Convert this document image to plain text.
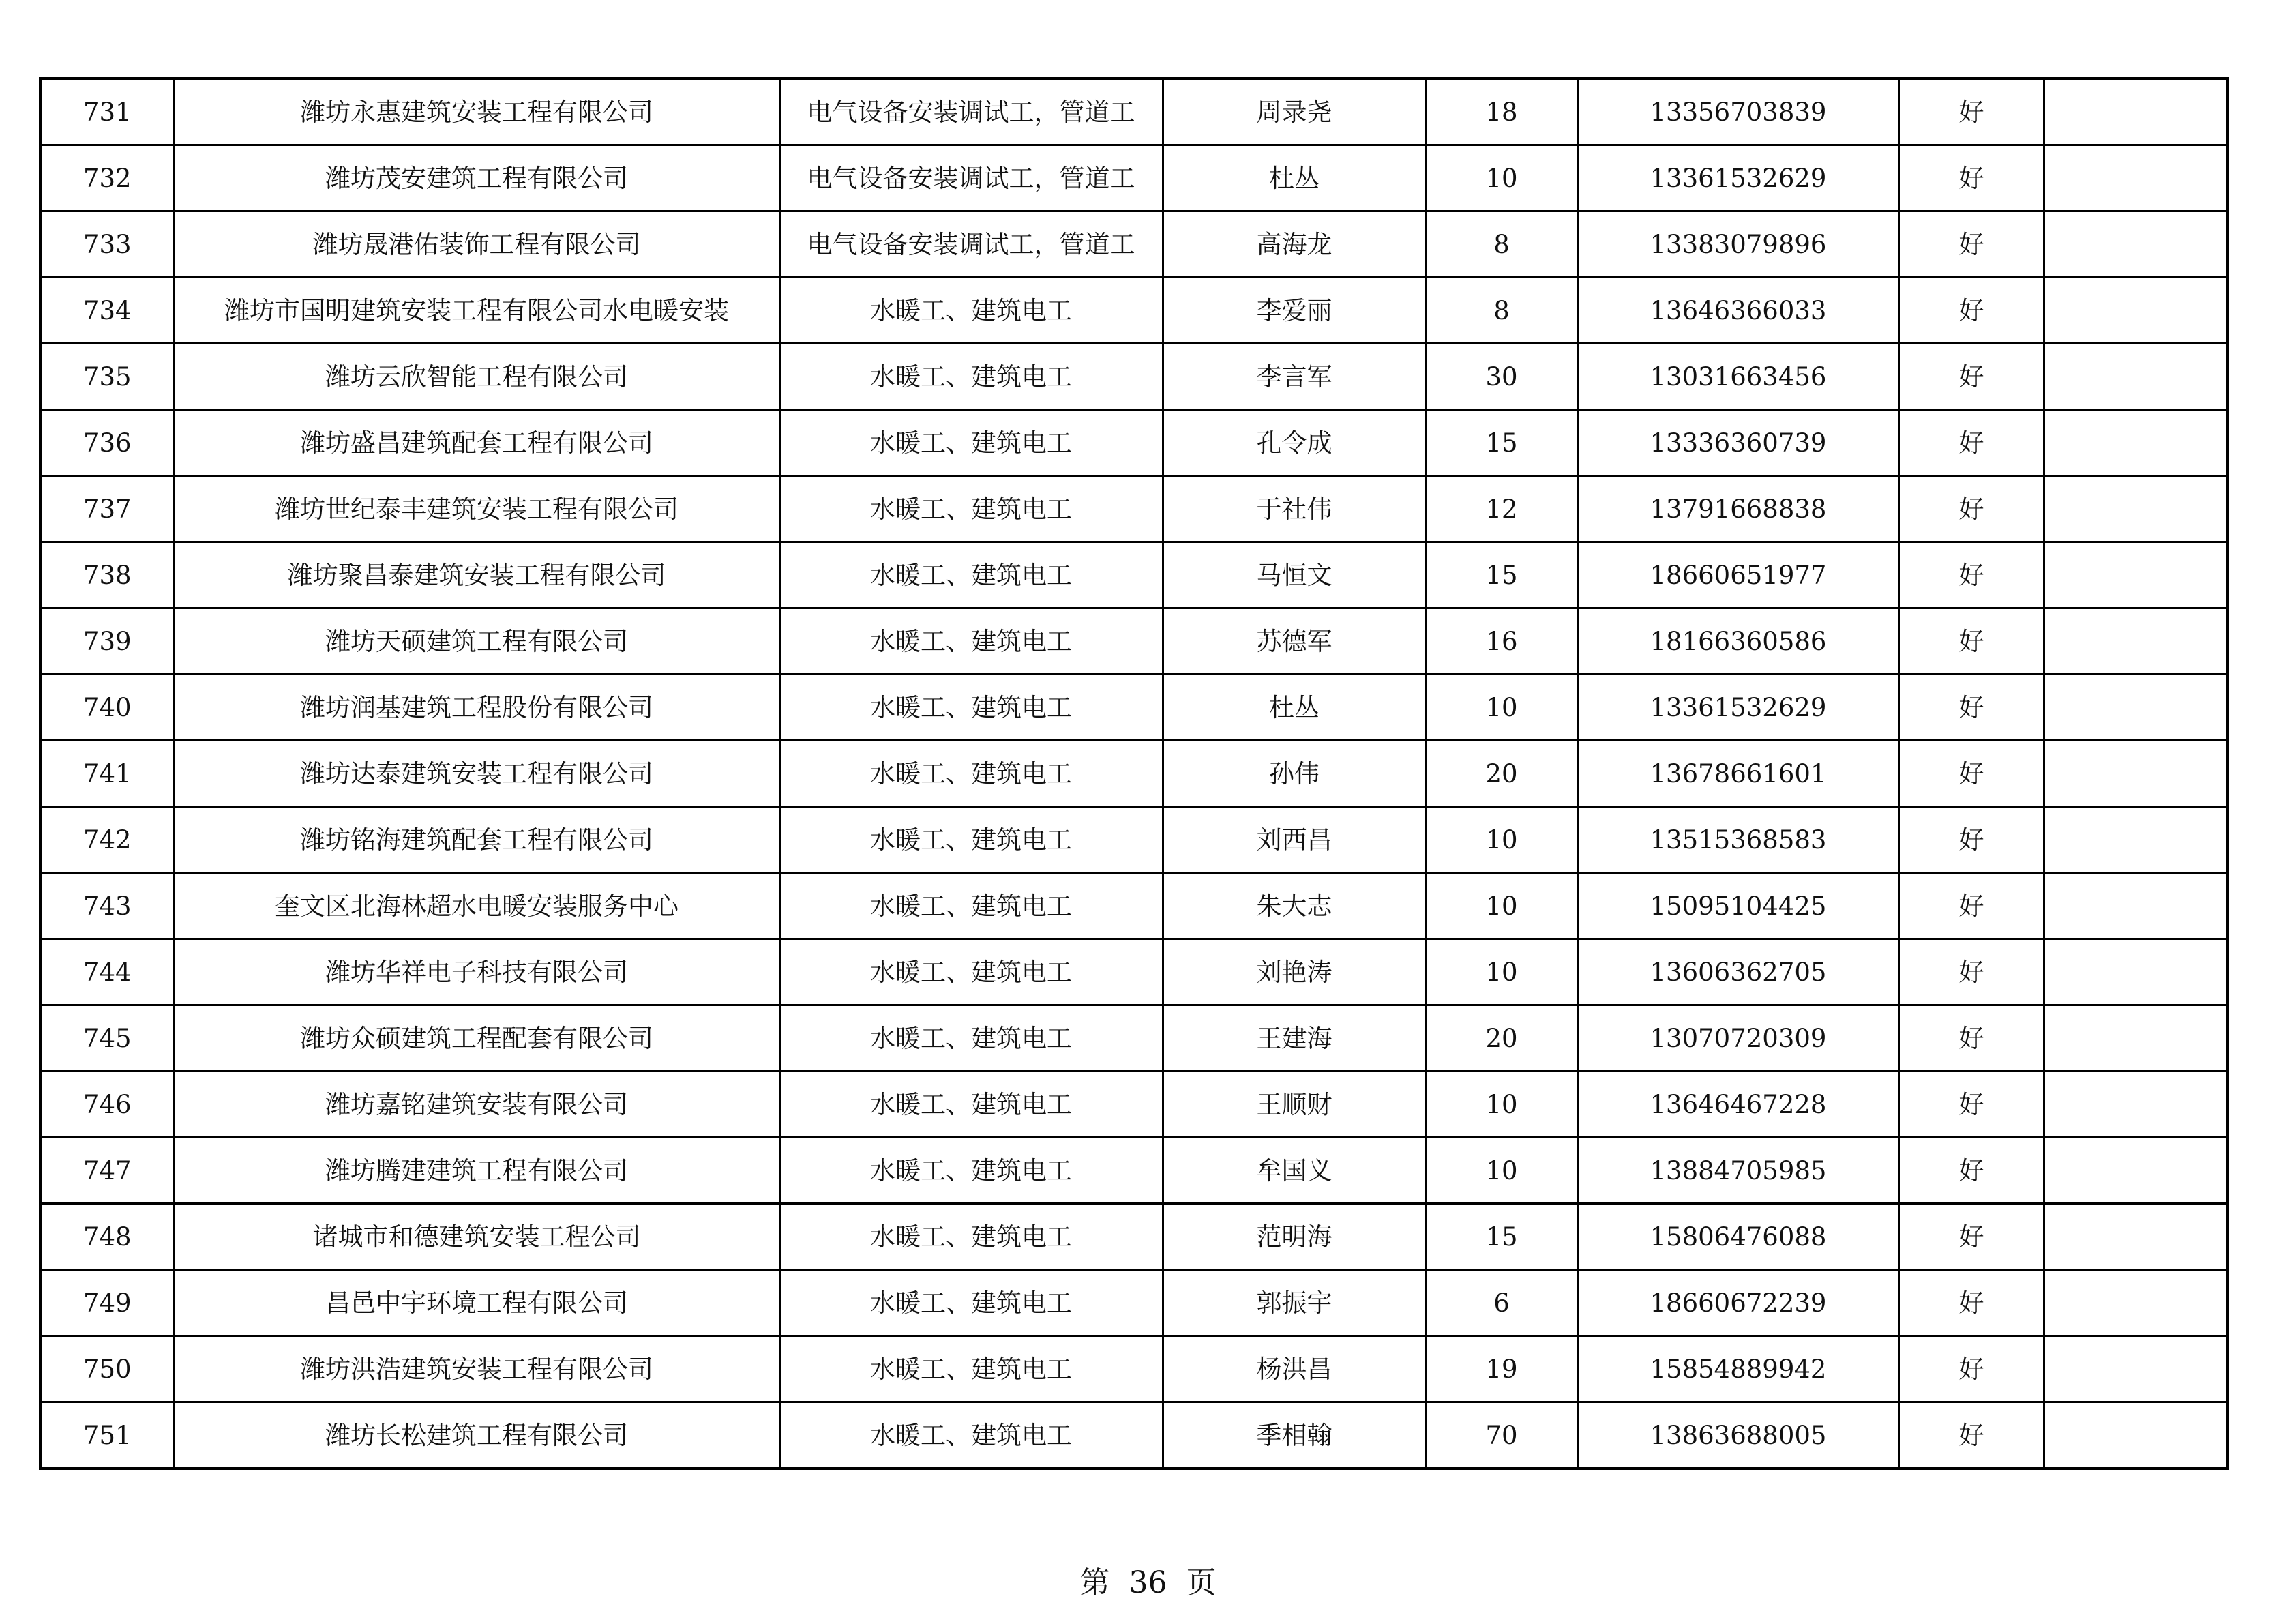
731	潍坊永惠建筑安装工程有限公司	电气设备安装调试工，管道工	周录尧	18	13356703839	好	
732	潍坊茂安建筑工程有限公司	电气设备安装调试工，管道工	杜丛	10	13361532629	好	
733	潍坊晟港佑装饰工程有限公司	电气设备安装调试工，管道工	高海龙	8	13383079896	好	
734	潍坊市国明建筑安装工程有限公司水电暖安装	水暖工、建筑电工	李爱丽	8	13646366033	好	
735	潍坊云欣智能工程有限公司	水暖工、建筑电工	李言军	30	13031663456	好	
736	潍坊盛昌建筑配套工程有限公司	水暖工、建筑电工	孔令成	15	13336360739	好	
737	潍坊世纪泰丰建筑安装工程有限公司	水暖工、建筑电工	于社伟	12	13791668838	好	
738	潍坊聚昌泰建筑安装工程有限公司	水暖工、建筑电工	马恒文	15	18660651977	好	
739	潍坊天硕建筑工程有限公司	水暖工、建筑电工	苏德军	16	18166360586	好	
740	潍坊润基建筑工程股份有限公司	水暖工、建筑电工	杜丛	10	13361532629	好	
741	潍坊达泰建筑安装工程有限公司	水暖工、建筑电工	孙伟	20	13678661601	好	
742	潍坊铭海建筑配套工程有限公司	水暖工、建筑电工	刘西昌	10	13515368583	好	
743	奎文区北海林超水电暖安装服务中心	水暖工、建筑电工	朱大志	10	15095104425	好	
744	潍坊华祥电子科技有限公司	水暖工、建筑电工	刘艳涛	10	13606362705	好	
745	潍坊众硕建筑工程配套有限公司	水暖工、建筑电工	王建海	20	13070720309	好	
746	潍坊嘉铭建筑安装有限公司	水暖工、建筑电工	王顺财	10	13646467228	好	
747	潍坊腾建建筑工程有限公司	水暖工、建筑电工	牟国义	10	13884705985	好	
748	诸城市和德建筑安装工程公司	水暖工、建筑电工	范明海	15	15806476088	好	
749	昌邑中宇环境工程有限公司	水暖工、建筑电工	郭振宇	6	18660672239	好	
750	潍坊洪浩建筑安装工程有限公司	水暖工、建筑电工	杨洪昌	19	15854889942	好	
751	潍坊长松建筑工程有限公司	水暖工、建筑电工	季相翰	70	13863688005	好	
第 36 页
